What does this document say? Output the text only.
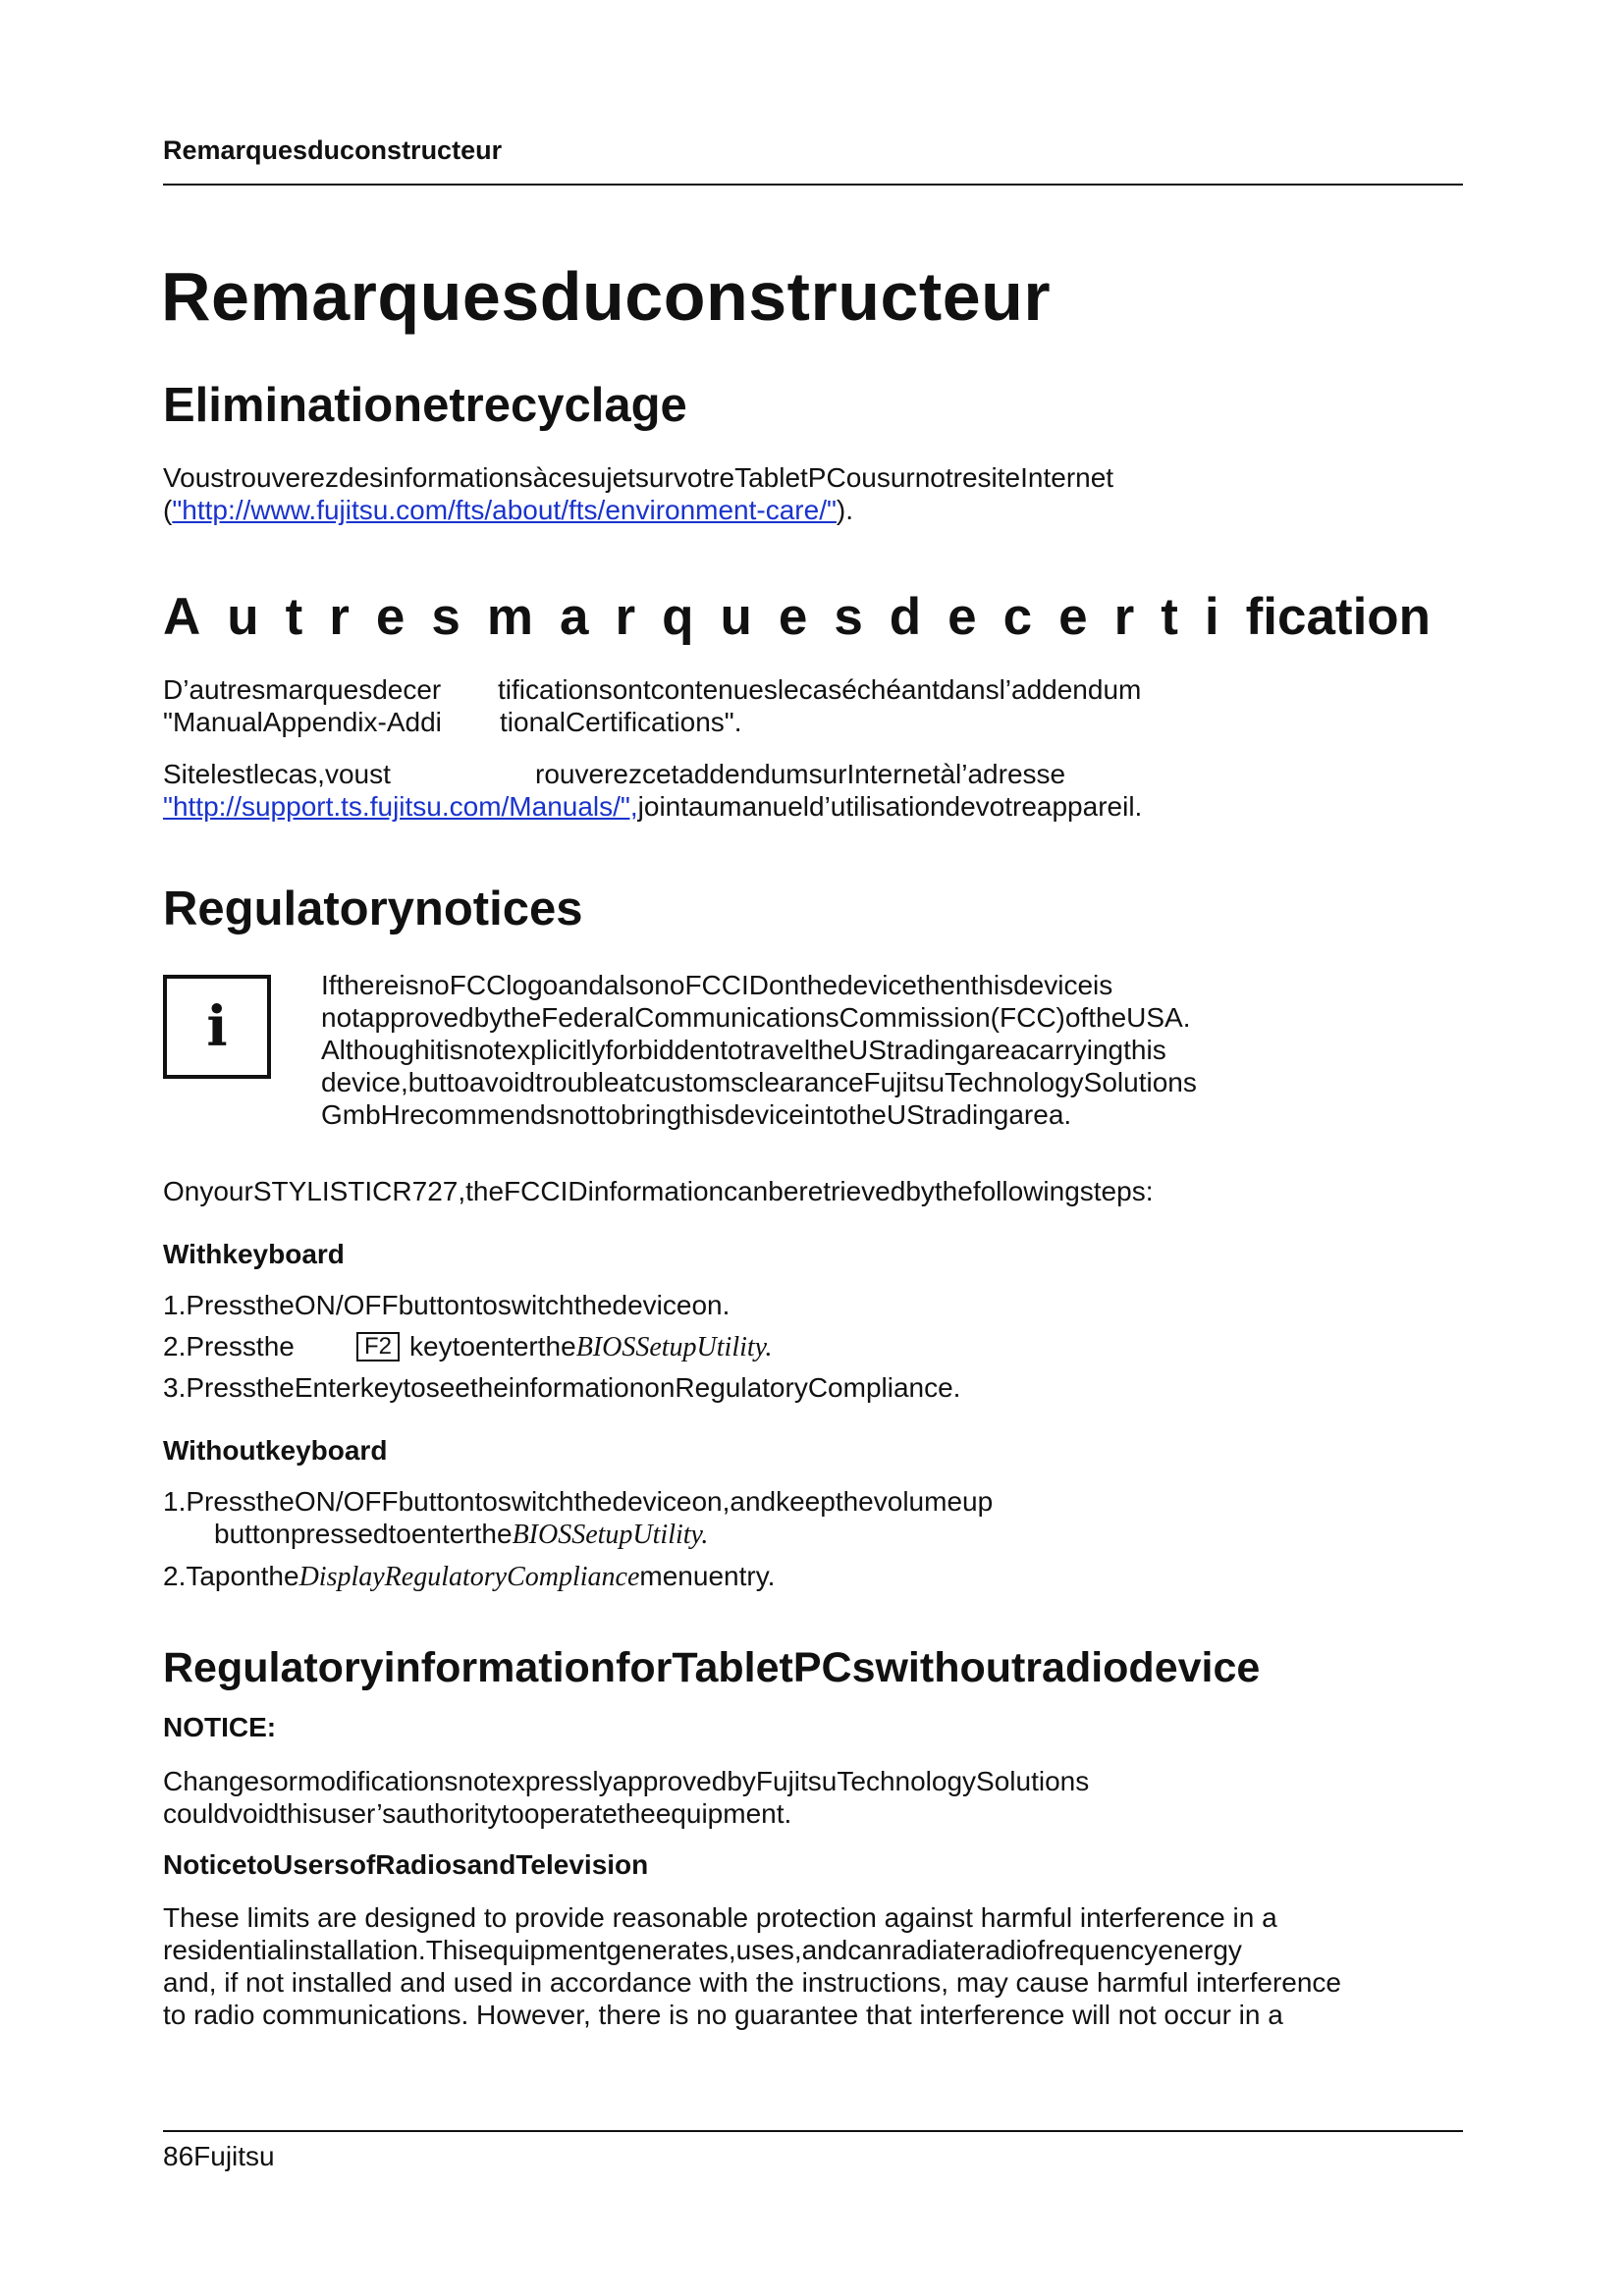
Remarquesduconstructeur
Remarquesduconstructeur
Eliminationetrecyclage
VoustrouverezdesinformationsàcesujetsurvotreTabletPCousurnotresiteInternet
("http://www.fujitsu.com/fts/about/fts/environment-care/").
Autresmarquesdecertification
D’autresmarquesdecer tificationsontcontenueslecaséchéantdansl’addendum
"ManualAppendix-Addi tionalCertifications".
Sitelestlecas,voust	rouverezcetaddendumsurInternetàl’adresse
"http://support.ts.fujitsu.com/Manuals/",jointaumanueld’utilisationdevotreappareil.
Regulatorynotices
i
IfthereisnoFCClogoandalsonoFCCIDonthedevicethenthisdeviceis
notapprovedbytheFederalCommunicationsCommission(FCC)oftheUSA.
AlthoughitisnotexplicitlyforbiddentotraveltheUStradingareacarryingthis
device,buttoavoidtroubleatcustomsclearanceFujitsuTechnologySolutions
GmbHrecommendsnottobringthisdeviceintotheUStradingarea.
OnyourSTYLISTICR727,theFCCIDinformationcanberetrievedbythefollowingsteps:
Withkeyboard
1.PresstheON/OFFbuttontoswitchthedeviceon.
2.Pressthe	F2 keytoentertheBIOSSetupUtility.
3.PresstheEnterkeytoseetheinformationonRegulatoryCompliance.
Withoutkeyboard
1.PresstheON/OFFbuttontoswitchthedeviceon,andkeepthevolumeup
buttonpressedtoentertheBIOSSetupUtility.
2.TapontheDisplayRegulatoryCompliancemenuentry.
RegulatoryinformationforTabletPCswithoutradiodevice
NOTICE:
ChangesormodificationsnotexpresslyapprovedbyFujitsuTechnologySolutions
couldvoidthisuser’sauthoritytooperatetheequipment.
NoticetoUsersofRadiosandTelevision
These limits are designed to provide reasonable protection against harmful interference in a
residentialinstallation.Thisequipmentgenerates,uses,andcanradiateradiofrequencyenergy
and, if not installed and used in accordance with the instructions, may cause harmful interference
to radio communications. However, there is no guarantee that interference will not occur in a
86Fujitsu
